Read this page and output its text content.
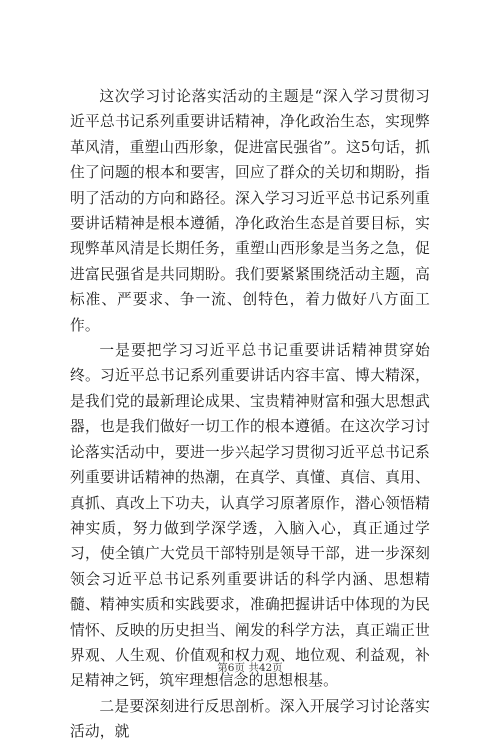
这次学习讨论落实活动的主题是“深入学习贯彻习近平总书记系列重要讲话精神，净化政治生态，实现弊革风清，重塑山西形象，促进富民强省”。这5句话，抓住了问题的根本和要害，回应了群众的关切和期盼，指明了活动的方向和路径。深入学习习近平总书记系列重要讲话精神是根本遵循，净化政治生态是首要目标，实现弊革风清是长期任务，重塑山西形象是当务之急，促进富民强省是共同期盼。我们要紧紧围绕活动主题，高标准、严要求、争一流、创特色，着力做好八方面工作。

一是要把学习习近平总书记重要讲话精神贯穿始终。习近平总书记系列重要讲话内容丰富、博大精深，是我们党的最新理论成果、宝贵精神财富和强大思想武器，也是我们做好一切工作的根本遵循。在这次学习讨论落实活动中，要进一步兴起学习贯彻习近平总书记系列重要讲话精神的热潮，在真学、真懂、真信、真用、真抓、真改上下功夫，认真学习原著原作，潜心领悟精神实质，努力做到学深学透，入脑入心，真正通过学习，使全镇广大党员干部特别是领导干部，进一步深刻领会习近平总书记系列重要讲话的科学内涵、思想精髓、精神实质和实践要求，准确把握讲话中体现的为民情怀、反映的历史担当、阐发的科学方法，真正端正世界观、人生观、价值观和权力观、地位观、利益观，补足精神之钙，筑牢理想信念的思想根基。

二是要深刻进行反思剖析。深入开展学习讨论落实活动，就

第6页 共42页
